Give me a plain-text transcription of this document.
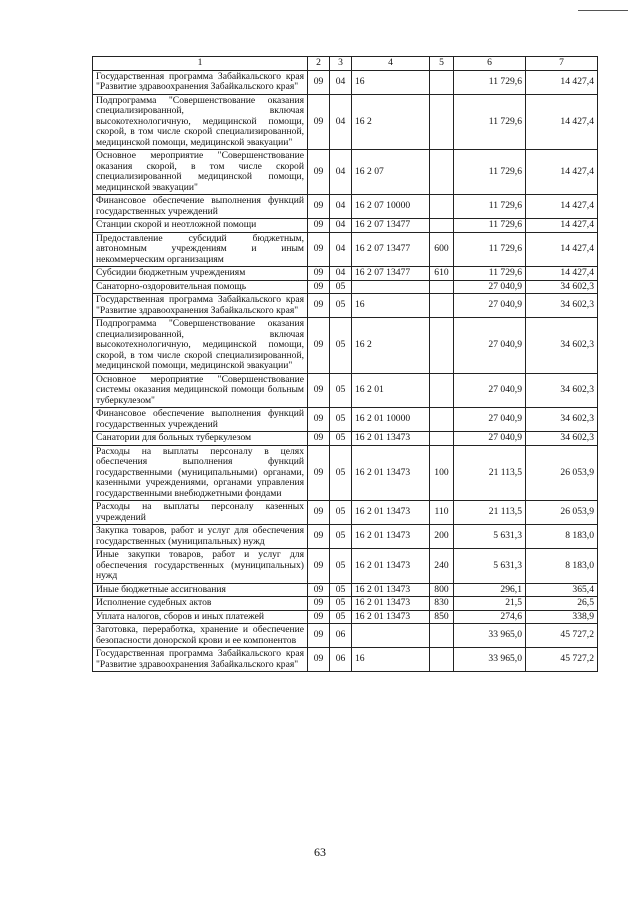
1	2	3	4	5	6	7
Государственная программа Забайкальского края "Развитие здравоохранения Забайкальского края"	09	04	16		11 729,6	14 427,4
Подпрограмма "Совершенствование оказания специализированной, включая высокотехнологичную, медицинской помощи, скорой, в том числе скорой специализированной, медицинской помощи, медицинской эвакуации"	09	04	16 2		11 729,6	14 427,4
Основное мероприятие "Совершенствование оказания скорой, в том числе скорой специализированной медицинской помощи, медицинской эвакуации"	09	04	16 2 07		11 729,6	14 427,4
Финансовое обеспечение выполнения функций государственных учреждений	09	04	16 2 07 10000		11 729,6	14 427,4
Станции скорой и неотложной помощи	09	04	16 2 07 13477		11 729,6	14 427,4
Предоставление субсидий бюджетным, автономным учреждениям и иным некоммерческим организациям	09	04	16 2 07 13477	600	11 729,6	14 427,4
Субсидии бюджетным учреждениям	09	04	16 2 07 13477	610	11 729,6	14 427,4
Санаторно-оздоровительная помощь	09	05			27 040,9	34 602,3
Государственная программа Забайкальского края "Развитие здравоохранения Забайкальского края"	09	05	16		27 040,9	34 602,3
Подпрограмма "Совершенствование оказания специализированной, включая высокотехнологичную, медицинской помощи, скорой, в том числе скорой специализированной, медицинской помощи, медицинской эвакуации"	09	05	16 2		27 040,9	34 602,3
Основное мероприятие "Совершенствование системы оказания медицинской помощи больным туберкулезом"	09	05	16 2 01		27 040,9	34 602,3
Финансовое обеспечение выполнения функций государственных учреждений	09	05	16 2 01 10000		27 040,9	34 602,3
Санатории для больных туберкулезом	09	05	16 2 01 13473		27 040,9	34 602,3
Расходы на выплаты персоналу в целях обеспечения выполнения функций государственными (муниципальными) органами, казенными учреждениями, органами управления государственными внебюджетными фондами	09	05	16 2 01 13473	100	21 113,5	26 053,9
Расходы на выплаты персоналу казенных учреждений	09	05	16 2 01 13473	110	21 113,5	26 053,9
Закупка товаров, работ и услуг для обеспечения государственных (муниципальных) нужд	09	05	16 2 01 13473	200	5 631,3	8 183,0
Иные закупки товаров, работ и услуг для обеспечения государственных (муниципальных) нужд	09	05	16 2 01 13473	240	5 631,3	8 183,0
Иные бюджетные ассигнования	09	05	16 2 01 13473	800	296,1	365,4
Исполнение судебных актов	09	05	16 2 01 13473	830	21,5	26,5
Уплата налогов, сборов и иных платежей	09	05	16 2 01 13473	850	274,6	338,9
Заготовка, переработка, хранение и обеспечение безопасности донорской крови и ее компонентов	09	06			33 965,0	45 727,2
Государственная программа Забайкальского края "Развитие здравоохранения Забайкальского края"	09	06	16		33 965,0	45 727,2
63
